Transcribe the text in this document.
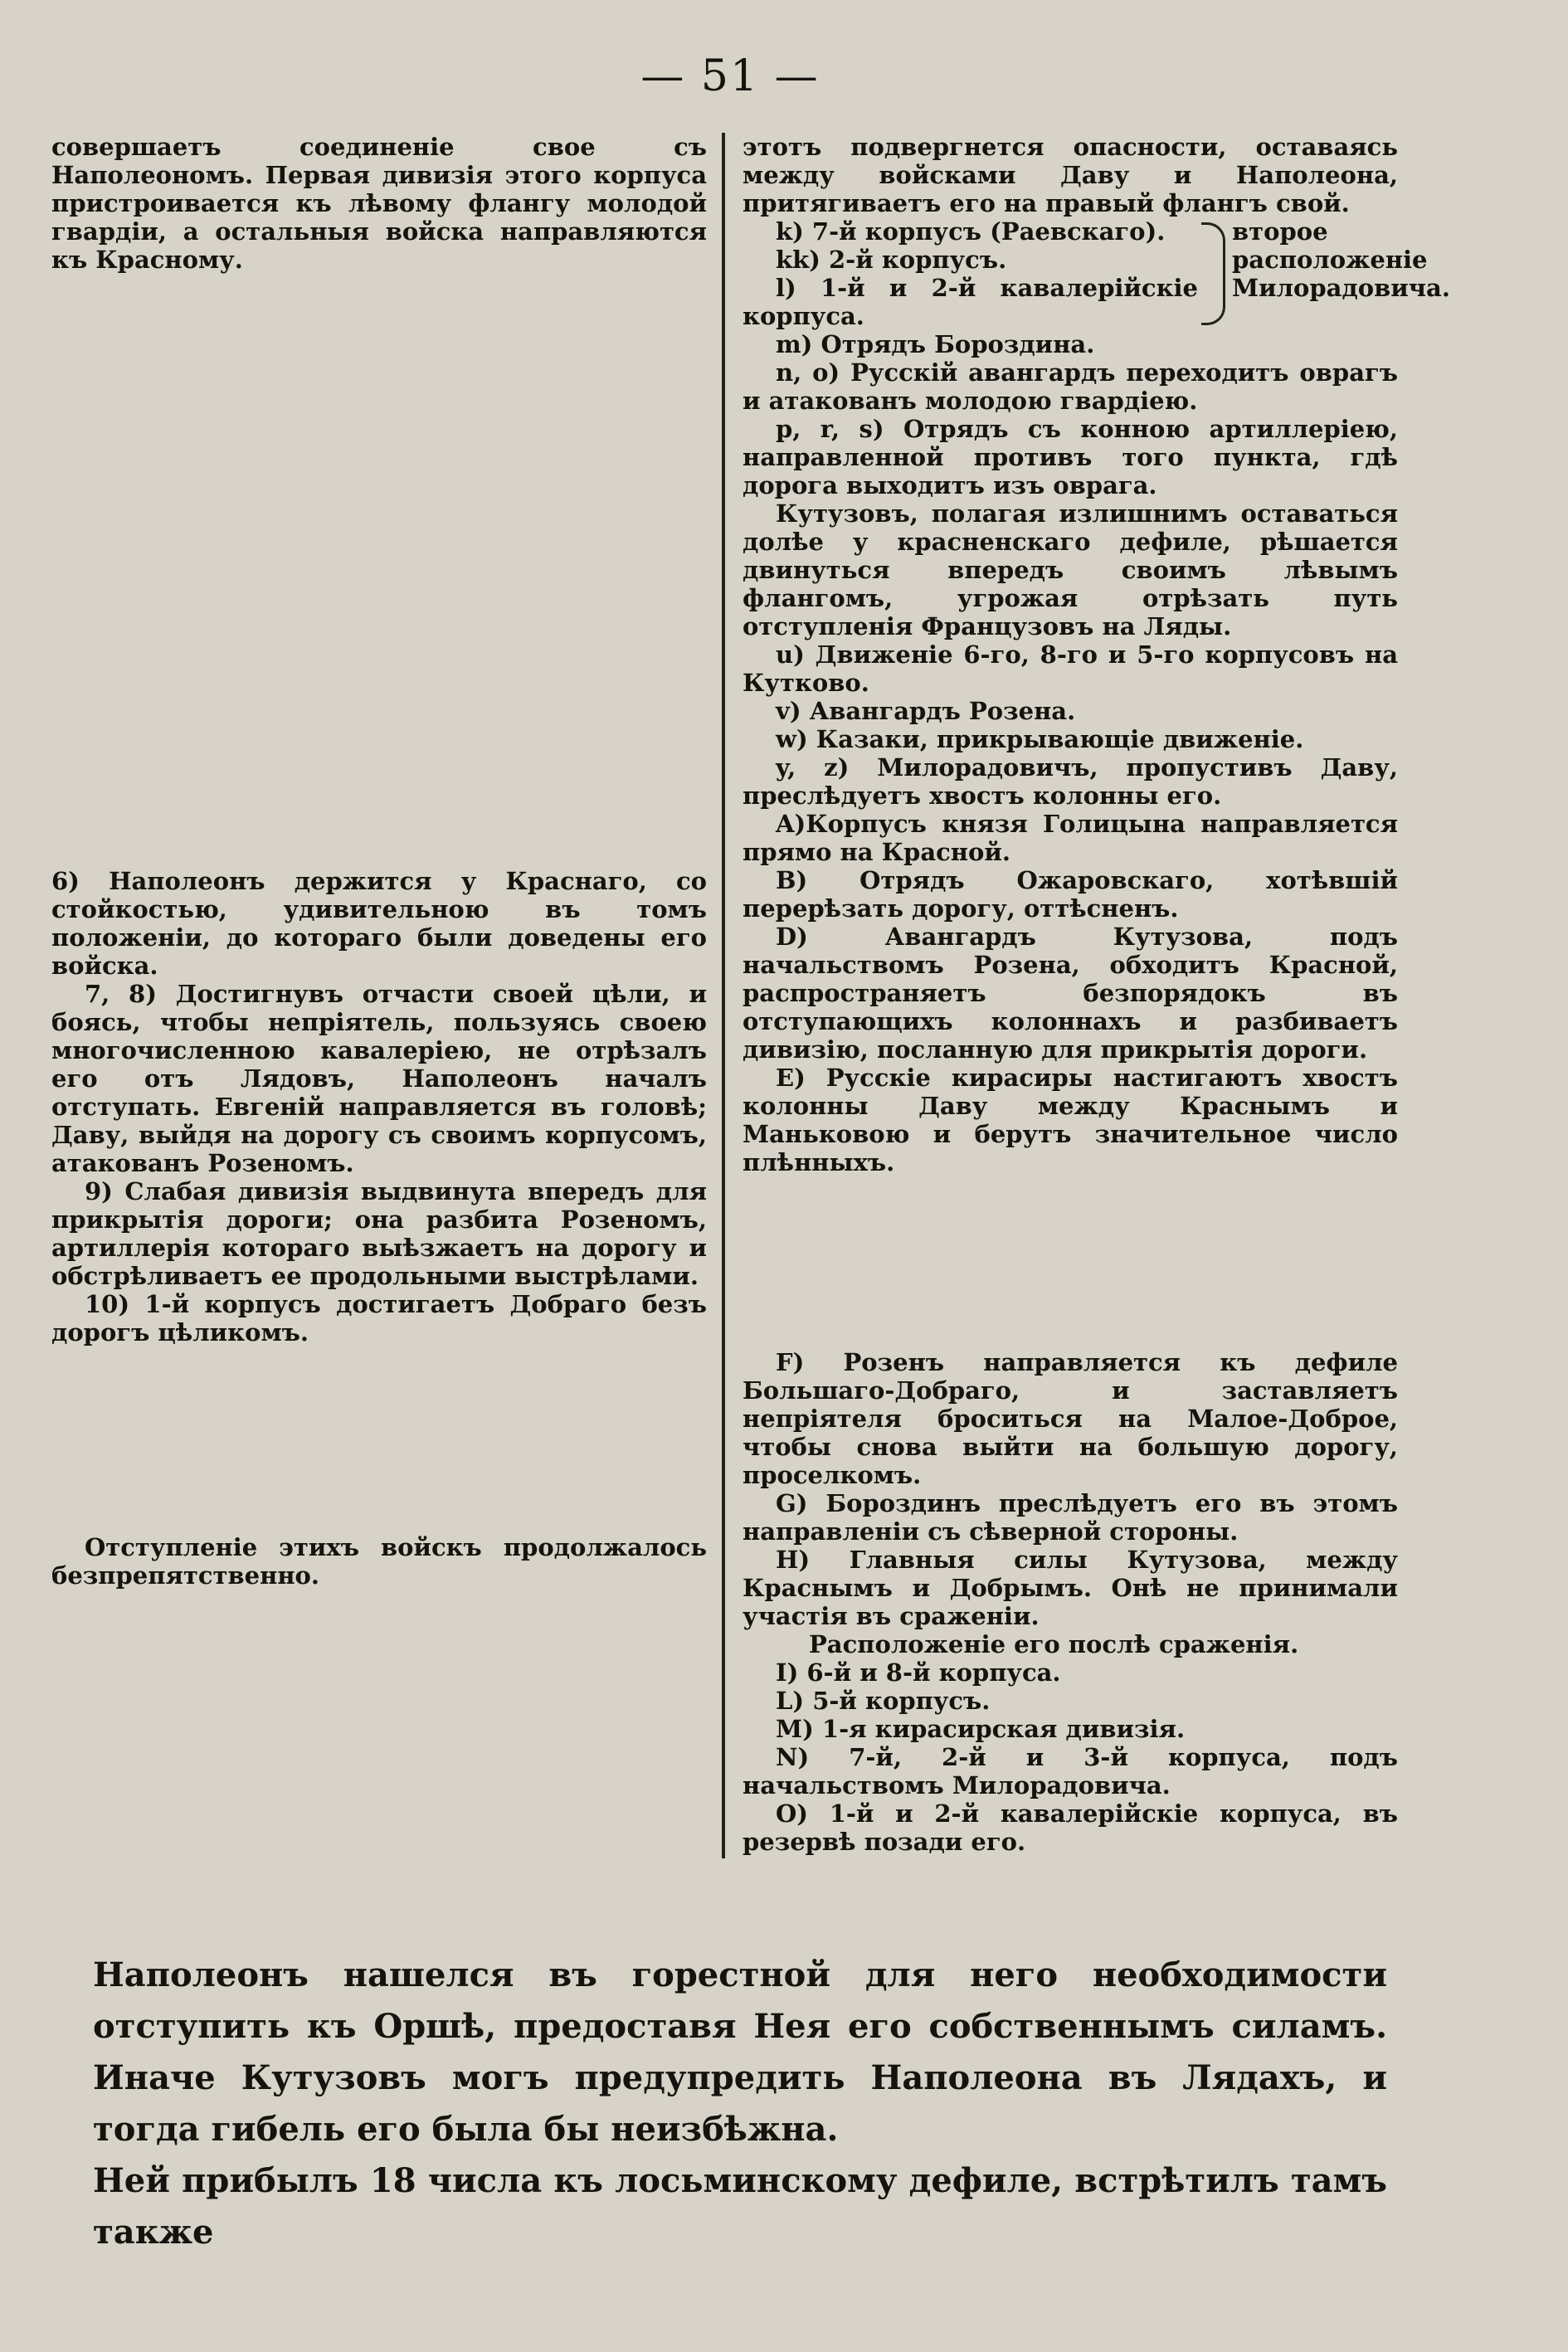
— 51 —

совершаетъ соединеніе свое съ Наполеономъ. Первая дивизія этого корпуса пристроивается къ лѣвому флангу молодой гвардіи, а остальныя войска направляются къ Красному.

6) Наполеонъ держится у Краснаго, со стойкостью, удивительною въ томъ положеніи, до котораго были доведены его войска.

7, 8) Достигнувъ отчасти своей цѣли, и боясь, чтобы непріятель, пользуясь своею многочисленною кавалеріею, не отрѣзалъ его отъ Лядовъ, Наполеонъ началъ отступать. Евгеній направляется въ головѣ; Даву, выйдя на дорогу съ своимъ корпусомъ, атакованъ Розеномъ.

9) Слабая дивизія выдвинута впередъ для прикрытія дороги; она разбита Розеномъ, артиллерія котораго выѣзжаетъ на дорогу и обстрѣливаетъ ее продольными выстрѣлами.

10) 1-й корпусъ достигаетъ Добраго безъ дорогъ цѣликомъ.

Отступленіе этихъ войскъ продолжалось безпрепятственно.

этотъ подвергнется опасности, оставаясь между войсками Даву и Наполеона, притягиваетъ его на правый флангъ свой.

k) 7-й корпусъ (Раевскаго).

kk) 2-й корпусъ.

l) 1-й и 2-й кавалерійскіе корпуса.

второе расположеніе Милорадовича.

m) Отрядъ Бороздина.

n, o) Русскій авангардъ переходитъ оврагъ и атакованъ молодою гвардіею.

p, r, s) Отрядъ съ конною артиллеріею, направленной противъ того пункта, гдѣ дорога выходитъ изъ оврага.

Кутузовъ, полагая излишнимъ оставаться долѣе у красненскаго дефиле, рѣшается двинуться впередъ своимъ лѣвымъ флангомъ, угрожая отрѣзать путь отступленія Французовъ на Ляды.

u) Движеніе 6-го, 8-го и 5-го корпусовъ на Кутково.

v) Авангардъ Розена.

w) Казаки, прикрывающіе движеніе.

y, z) Милорадовичъ, пропустивъ Даву, преслѣдуетъ хвостъ колонны его.

A)Корпусъ князя Голицына направляется прямо на Красной.

B) Отрядъ Ожаровскаго, хотѣвшій перерѣзать дорогу, оттѣсненъ.

D) Авангардъ Кутузова, подъ начальствомъ Розена, обходитъ Красной, распространяетъ безпорядокъ въ отступающихъ колоннахъ и разбиваетъ дивизію, посланную для прикрытія дороги.

E) Русскіе кирасиры настигаютъ хвостъ колонны Даву между Краснымъ и Маньковою и берутъ значительное число плѣнныхъ.

F) Розенъ направляется къ дефиле Большаго-Добраго, и заставляетъ непріятеля броситься на Малое-Доброе, чтобы снова выйти на большую дорогу, проселкомъ.

G) Бороздинъ преслѣдуетъ его въ этомъ направленіи съ сѣверной стороны.

H) Главныя силы Кутузова, между Краснымъ и Добрымъ. Онѣ не принимали участія въ сраженіи.

Расположеніе его послѣ сраженія.

I) 6-й и 8-й корпуса.

L) 5-й корпусъ.

M) 1-я кирасирская дивизія.

N) 7-й, 2-й и 3-й корпуса, подъ начальствомъ Милорадовича.

O) 1-й и 2-й кавалерійскіе корпуса, въ резервѣ позади его.

Наполеонъ нашелся въ горестной для него необходимости отступить къ Оршѣ, предоставя Нея его собственнымъ силамъ. Иначе Кутузовъ могъ предупредить Наполеона въ Лядахъ, и тогда гибель его была бы неизбѣжна.

Ней прибылъ 18 числа къ лосьминскому дефиле, встрѣтилъ тамъ также
